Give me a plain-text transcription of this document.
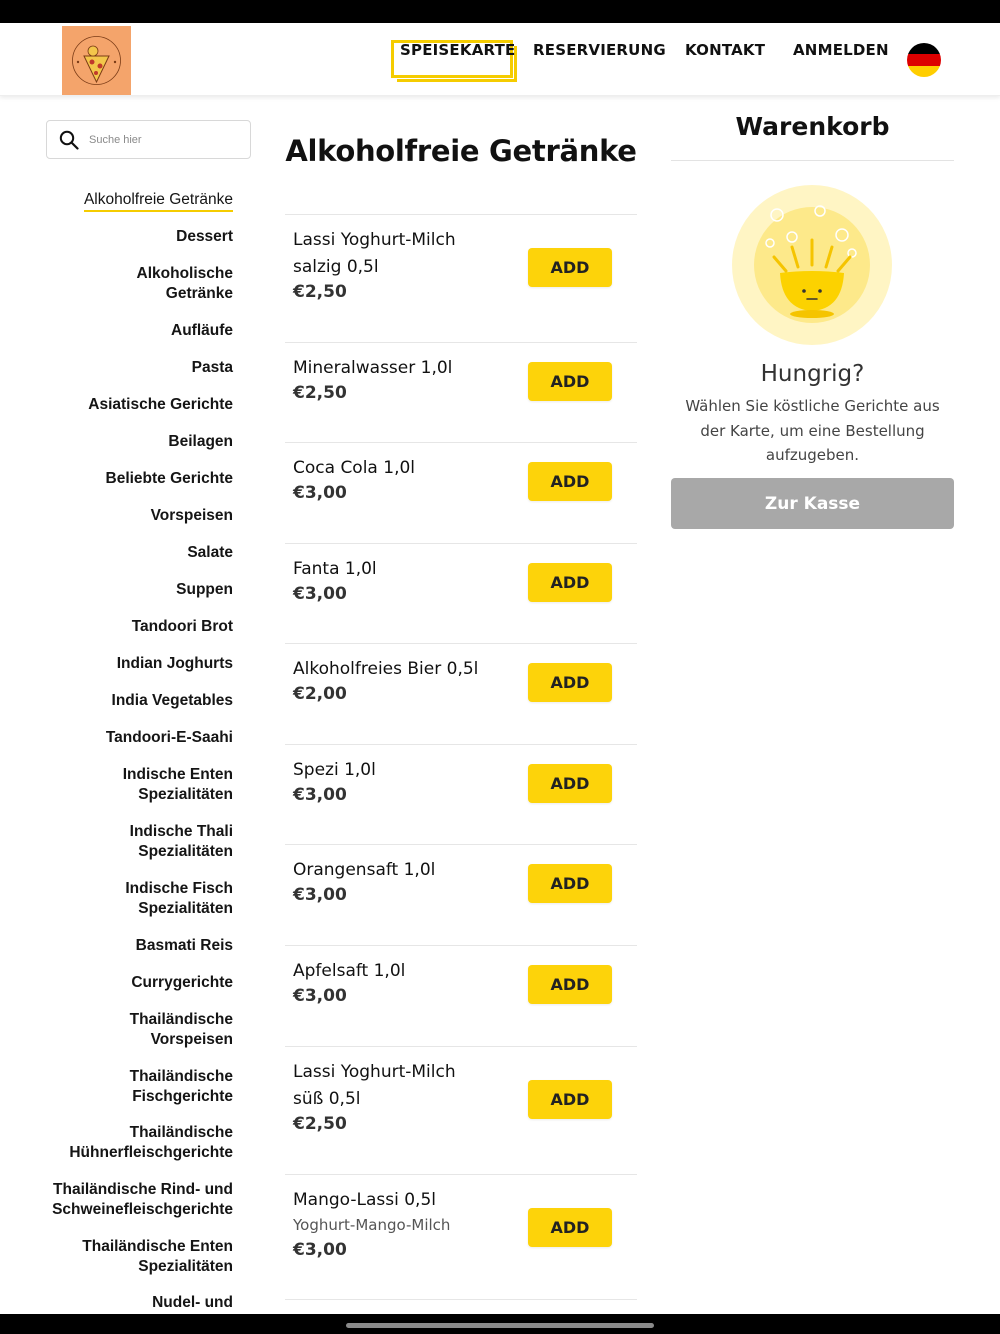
SPEISEKARTE RESERVIERUNG KONTAKT ANMELDEN
Suche hier
Alkoholfreie Getränke
Dessert
Alkoholische
Getränke
Aufläufe
Pasta
Asiatische Gerichte
Beilagen
Beliebte Gerichte
Vorspeisen
Salate
Suppen
Tandoori Brot
Indian Joghurts
India Vegetables
Tandoori-E-Saahi
Indische Enten
Spezialitäten
Indische Thali
Spezialitäten
Indische Fisch
Spezialitäten
Basmati Reis
Currygerichte
Thailändische
Vorspeisen
Thailändische
Fischgerichte
Thailändische
Hühnerfleischgerichte
Thailändische Rind- und
Schweinefleischgerichte
Thailändische Enten
Spezialitäten
Nudel- und
Alkoholfreie Getränke
Lassi Yoghurt-Milch
salzig 0,5l
€2,50
ADD
Mineralwasser 1,0l
€2,50
ADD
Coca Cola 1,0l
€3,00
ADD
Fanta 1,0l
€3,00
ADD
Alkoholfreies Bier 0,5l
€2,00
ADD
Spezi 1,0l
€3,00
ADD
Orangensaft 1,0l
€3,00
ADD
Apfelsaft 1,0l
€3,00
ADD
Lassi Yoghurt-Milch
süß 0,5l
€2,50
ADD
Mango-Lassi 0,5l
Yoghurt-Mango-Milch
€3,00
ADD
Warenkorb
Hungrig?
Wählen Sie köstliche Gerichte aus der Karte, um eine Bestellung aufzugeben.
Zur Kasse
